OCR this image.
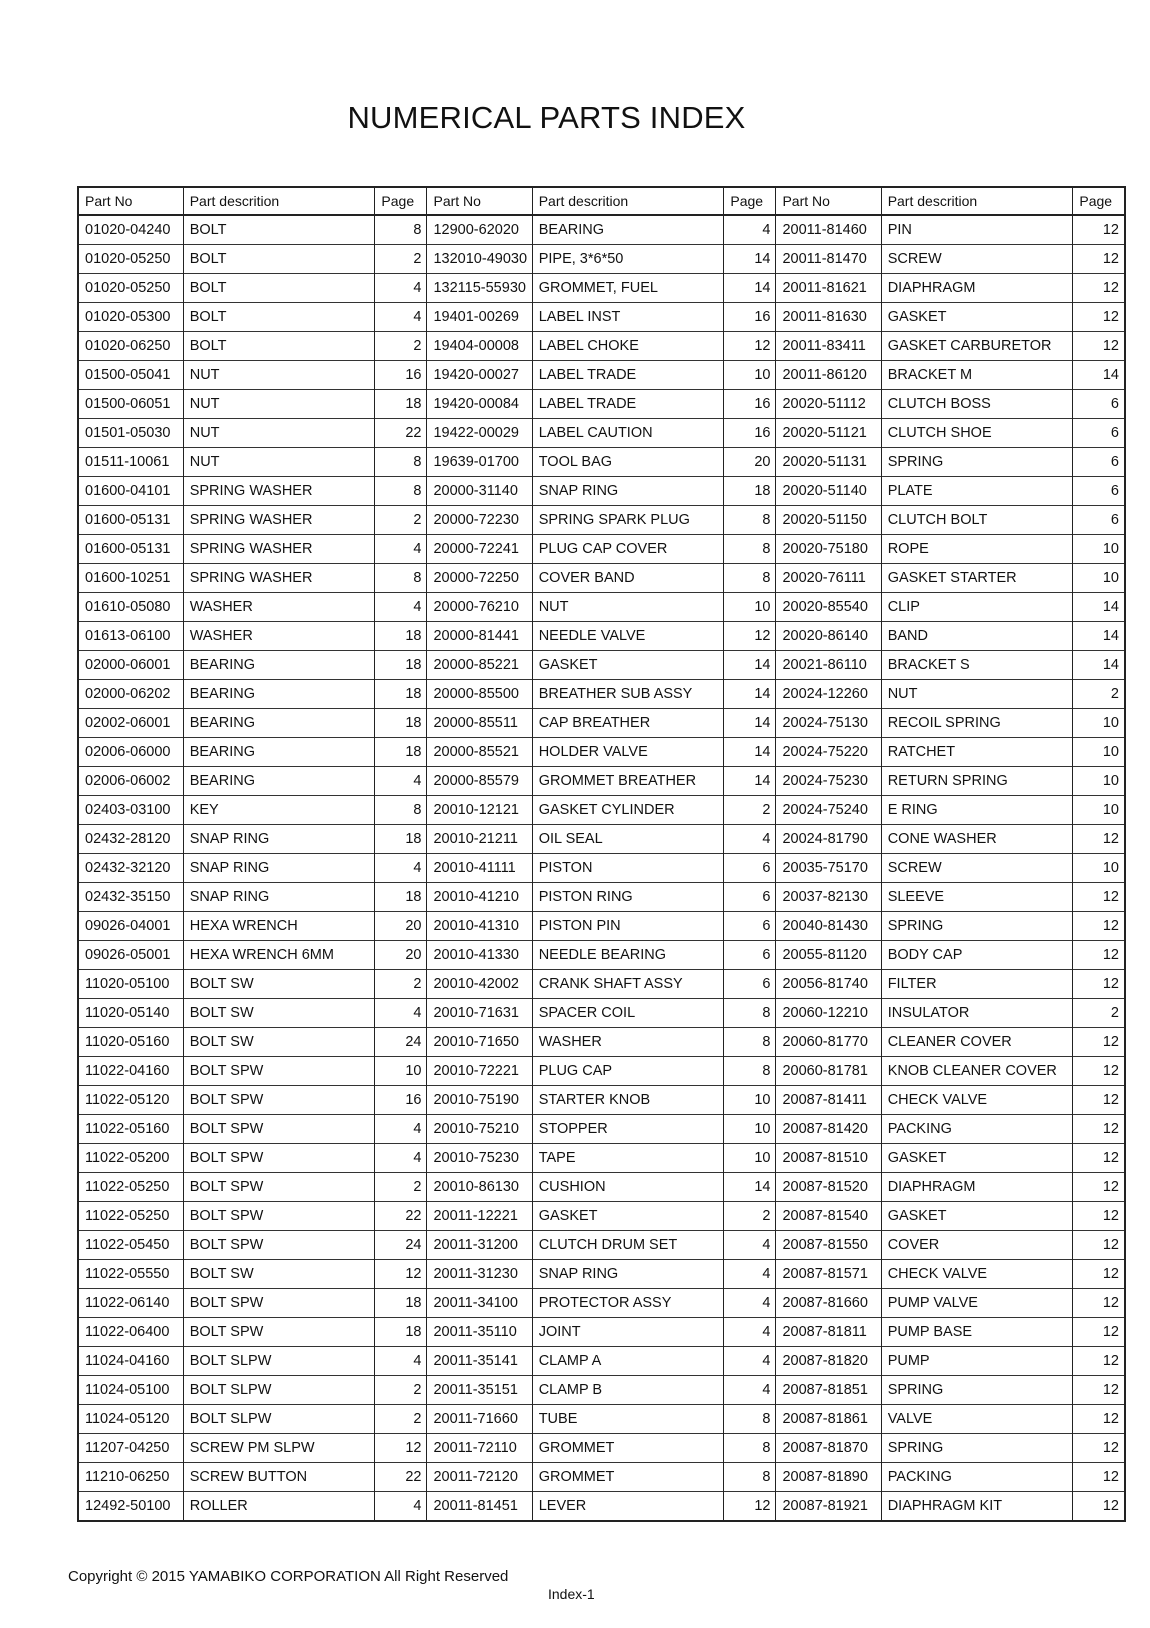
NUMERICAL PARTS INDEX
Part No	Part descrition	Page	Part No	Part descrition	Page	Part No	Part descrition	Page
01020-04240	BOLT	8	12900-62020	BEARING	4	20011-81460	PIN	12
01020-05250	BOLT	2	132010-49030	PIPE, 3*6*50	14	20011-81470	SCREW	12
01020-05250	BOLT	4	132115-55930	GROMMET, FUEL	14	20011-81621	DIAPHRAGM	12
01020-05300	BOLT	4	19401-00269	LABEL INST	16	20011-81630	GASKET	12
01020-06250	BOLT	2	19404-00008	LABEL CHOKE	12	20011-83411	GASKET CARBURETOR	12
01500-05041	NUT	16	19420-00027	LABEL TRADE	10	20011-86120	BRACKET M	14
01500-06051	NUT	18	19420-00084	LABEL TRADE	16	20020-51112	CLUTCH BOSS	6
01501-05030	NUT	22	19422-00029	LABEL CAUTION	16	20020-51121	CLUTCH SHOE	6
01511-10061	NUT	8	19639-01700	TOOL BAG	20	20020-51131	SPRING	6
01600-04101	SPRING WASHER	8	20000-31140	SNAP RING	18	20020-51140	PLATE	6
01600-05131	SPRING WASHER	2	20000-72230	SPRING SPARK PLUG	8	20020-51150	CLUTCH BOLT	6
01600-05131	SPRING WASHER	4	20000-72241	PLUG CAP COVER	8	20020-75180	ROPE	10
01600-10251	SPRING WASHER	8	20000-72250	COVER BAND	8	20020-76111	GASKET STARTER	10
01610-05080	WASHER	4	20000-76210	NUT	10	20020-85540	CLIP	14
01613-06100	WASHER	18	20000-81441	NEEDLE VALVE	12	20020-86140	BAND	14
02000-06001	BEARING	18	20000-85221	GASKET	14	20021-86110	BRACKET S	14
02000-06202	BEARING	18	20000-85500	BREATHER SUB ASSY	14	20024-12260	NUT	2
02002-06001	BEARING	18	20000-85511	CAP BREATHER	14	20024-75130	RECOIL SPRING	10
02006-06000	BEARING	18	20000-85521	HOLDER VALVE	14	20024-75220	RATCHET	10
02006-06002	BEARING	4	20000-85579	GROMMET BREATHER	14	20024-75230	RETURN SPRING	10
02403-03100	KEY	8	20010-12121	GASKET CYLINDER	2	20024-75240	E RING	10
02432-28120	SNAP RING	18	20010-21211	OIL SEAL	4	20024-81790	CONE WASHER	12
02432-32120	SNAP RING	4	20010-41111	PISTON	6	20035-75170	SCREW	10
02432-35150	SNAP RING	18	20010-41210	PISTON RING	6	20037-82130	SLEEVE	12
09026-04001	HEXA WRENCH	20	20010-41310	PISTON PIN	6	20040-81430	SPRING	12
09026-05001	HEXA WRENCH 6MM	20	20010-41330	NEEDLE BEARING	6	20055-81120	BODY CAP	12
11020-05100	BOLT SW	2	20010-42002	CRANK SHAFT ASSY	6	20056-81740	FILTER	12
11020-05140	BOLT SW	4	20010-71631	SPACER COIL	8	20060-12210	INSULATOR	2
11020-05160	BOLT SW	24	20010-71650	WASHER	8	20060-81770	CLEANER COVER	12
11022-04160	BOLT SPW	10	20010-72221	PLUG CAP	8	20060-81781	KNOB CLEANER COVER	12
11022-05120	BOLT SPW	16	20010-75190	STARTER KNOB	10	20087-81411	CHECK VALVE	12
11022-05160	BOLT SPW	4	20010-75210	STOPPER	10	20087-81420	PACKING	12
11022-05200	BOLT SPW	4	20010-75230	TAPE	10	20087-81510	GASKET	12
11022-05250	BOLT SPW	2	20010-86130	CUSHION	14	20087-81520	DIAPHRAGM	12
11022-05250	BOLT SPW	22	20011-12221	GASKET	2	20087-81540	GASKET	12
11022-05450	BOLT SPW	24	20011-31200	CLUTCH DRUM SET	4	20087-81550	COVER	12
11022-05550	BOLT SW	12	20011-31230	SNAP RING	4	20087-81571	CHECK VALVE	12
11022-06140	BOLT SPW	18	20011-34100	PROTECTOR ASSY	4	20087-81660	PUMP VALVE	12
11022-06400	BOLT SPW	18	20011-35110	JOINT	4	20087-81811	PUMP BASE	12
11024-04160	BOLT SLPW	4	20011-35141	CLAMP A	4	20087-81820	PUMP	12
11024-05100	BOLT SLPW	2	20011-35151	CLAMP B	4	20087-81851	SPRING	12
11024-05120	BOLT SLPW	2	20011-71660	TUBE	8	20087-81861	VALVE	12
11207-04250	SCREW PM SLPW	12	20011-72110	GROMMET	8	20087-81870	SPRING	12
11210-06250	SCREW BUTTON	22	20011-72120	GROMMET	8	20087-81890	PACKING	12
12492-50100	ROLLER	4	20011-81451	LEVER	12	20087-81921	DIAPHRAGM KIT	12
Copyright © 2015 YAMABIKO CORPORATION All Right Reserved
Index-1
